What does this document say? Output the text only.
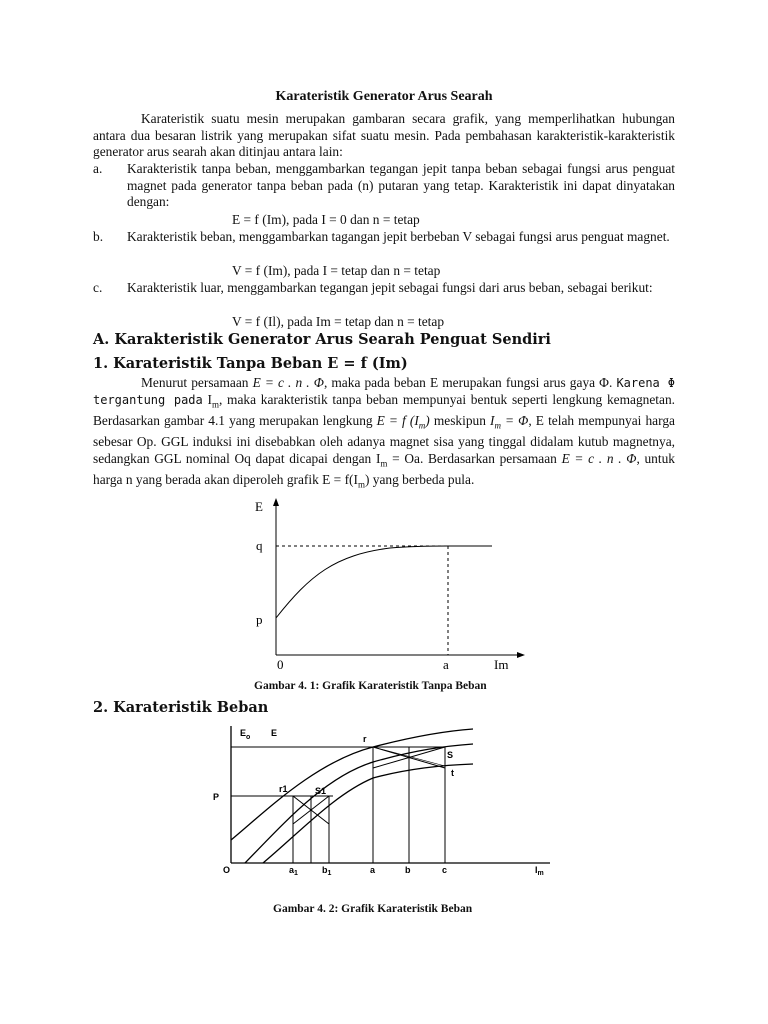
Karateristik Generator Arus Searah
Karateristik suatu mesin merupakan gambaran secara grafik, yang memperlihatkan hubungan antara dua besaran listrik yang merupakan sifat suatu mesin. Pada pembahasan karakteristik-karakteristik generator arus searah akan ditinjau antara lain:
a. Karakteristik tanpa beban, menggambarkan tegangan jepit tanpa beban sebagai fungsi arus penguat magnet pada generator tanpa beban pada (n) putaran yang tetap. Karakteristik ini dapat dinyatakan dengan:
E = f (Im), pada I = 0 dan n = tetap
b. Karakteristik beban, menggambarkan tagangan jepit berbeban V sebagai fungsi arus penguat magnet.
V = f (Im), pada I = tetap dan n = tetap
c. Karakteristik luar, menggambarkan tegangan jepit sebagai fungsi dari arus beban, sebagai berikut:
V = f (Il), pada Im = tetap dan n = tetap
A. Karakteristik Generator Arus Searah Penguat Sendiri
1. Karateristik Tanpa Beban E = f (Im)
Menurut persamaan E = c . n . Φ, maka pada beban E merupakan fungsi arus gaya Φ. Karena Φ tergantung pada $I_m$, maka karakteristik tanpa beban mempunyai bentuk seperti lengkung kemagnetan. Berdasarkan gambar 4.1 yang merupakan lengkung E = f $(I_m)$ meskipun $I_m = \Phi$, E telah mempunyai harga sebesar Op. GGL induksi ini disebabkan oleh adanya magnet sisa yang tinggal didalam kutub magnetnya, sedangkan GGL nominal Oq dapat dicapai dengan $I_m = Oa$. Berdasarkan persamaan E = c . n . Φ, untuk harga n yang berada akan diperoleh grafik $E = f(I_m)$ yang berbeda pula.
2. Karateristik Beban
E
q
p
0	a	Im
Gambar 4. 1: Grafik Karateristik Tanpa Beban
$E_o$ E
r
S
t
r1	S1
P
O	$a_1$	$b_1$	a	b	c	$I_m$
Gambar 4. 2: Grafik Karateristik Beban
